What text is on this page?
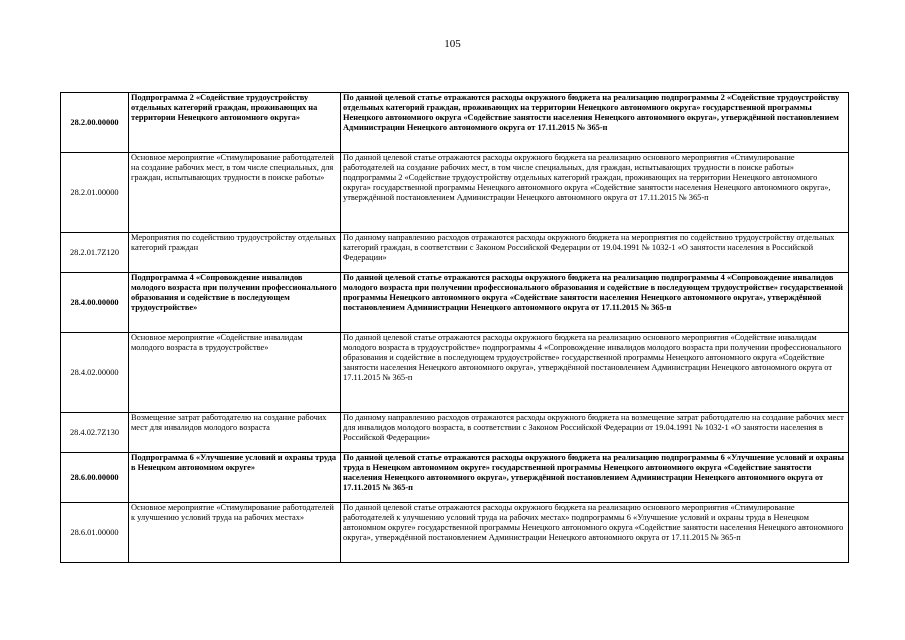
105
28.2.00.00000	Подпрограмма 2 «Содействие трудоустройству отдельных категорий граждан, проживающих на территории Ненецкого автономного округа»	По данной целевой статье отражаются расходы окружного бюджета на реализацию подпрограммы 2 «Содействие трудоустройству отдельных категорий граждан, проживающих на территории Ненецкого автономного округа» государственной программы Ненецкого автономного округа «Содействие занятости населения Ненецкого автономного округа», утверждённой постановлением Администрации Ненецкого автономного округа от 17.11.2015 № 365-п
28.2.01.00000	Основное мероприятие «Стимулирование работодателей на создание рабочих мест, в том числе специальных, для граждан, испытывающих трудности в поиске работы»	По данной целевой статье отражаются расходы окружного бюджета на реализацию основного мероприятия «Стимулирование работодателей на создание рабочих мест, в том числе специальных, для граждан, испытывающих трудности в поиске работы» подпрограммы 2 «Содействие трудоустройству отдельных категорий граждан, проживающих на территории Ненецкого автономного округа» государственной программы Ненецкого автономного округа «Содействие занятости населения Ненецкого автономного округа», утверждённой постановлением Администрации Ненецкого автономного округа от 17.11.2015 № 365-п
28.2.01.7Z120	Мероприятия по содействию трудоустройству отдельных категорий граждан	По данному направлению расходов отражаются расходы окружного бюджета на мероприятия по содействию трудоустройству отдельных категорий граждан, в соответствии с Законом Российской Федерации от 19.04.1991 № 1032-1 «О занятости населения в Российской Федерации»
28.4.00.00000	Подпрограмма 4 «Сопровождение инвалидов молодого возраста при получении профессионального образования и содействие в последующем трудоустройстве»	По данной целевой статье отражаются расходы окружного бюджета на реализацию подпрограммы 4 «Сопровождение инвалидов молодого возраста при получении профессионального образования и содействие в последующем трудоустройстве» государственной программы Ненецкого автономного округа «Содействие занятости населения Ненецкого автономного округа», утверждённой постановлением Администрации Ненецкого автономного округа от 17.11.2015 № 365-п
28.4.02.00000	Основное мероприятие «Содействие инвалидам молодого возраста в трудоустройстве»	По данной целевой статье отражаются расходы окружного бюджета на реализацию основного мероприятия «Содействие инвалидам молодого возраста в трудоустройстве» подпрограммы 4 «Сопровождение инвалидов молодого возраста при получении профессионального образования и содействие в последующем трудоустройстве» государственной программы Ненецкого автономного округа «Содействие занятости населения Ненецкого автономного округа», утверждённой постановлением Администрации Ненецкого автономного округа от 17.11.2015 № 365-п
28.4.02.7Z130	Возмещение затрат работодателю на создание рабочих мест для инвалидов молодого возраста	По данному направлению расходов отражаются расходы окружного бюджета на возмещение затрат работодателю на создание рабочих мест для инвалидов молодого возраста, в соответствии с Законом Российской Федерации от 19.04.1991 № 1032-1 «О занятости населения в Российской Федерации»
28.6.00.00000	Подпрограмма 6 «Улучшение условий и охраны труда в Ненецком автономном округе»	По данной целевой статье отражаются расходы окружного бюджета на реализацию подпрограммы 6 «Улучшение условий и охраны труда в Ненецком автономном округе» государственной программы Ненецкого автономного округа «Содействие занятости населения Ненецкого автономного округа», утверждённой постановлением Администрации Ненецкого автономного округа от 17.11.2015 № 365-п
28.6.01.00000	Основное мероприятие «Стимулирование работодателей к улучшению условий труда на рабочих местах»	По данной целевой статье отражаются расходы окружного бюджета на реализацию основного мероприятия «Стимулирование работодателей к улучшению условий труда на рабочих местах» подпрограммы 6 «Улучшение условий и охраны труда в Ненецком автономном округе» государственной программы Ненецкого автономного округа «Содействие занятости населения Ненецкого автономного округа», утверждённой постановлением Администрации Ненецкого автономного округа от 17.11.2015 № 365-п
